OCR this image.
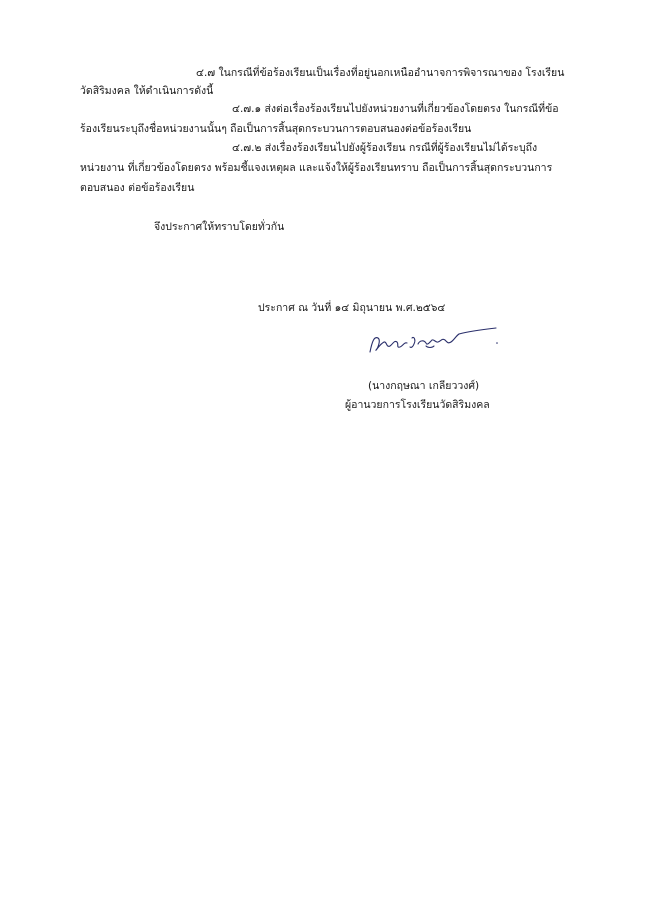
๔.๗ ในกรณีที่ข้อร้องเรียนเป็นเรื่องที่อยู่นอกเหนืออำนาจการพิจารณาของ โรงเรียน
วัดสิริมงคล ให้ดำเนินการดังนี้
๔.๗.๑ ส่งต่อเรื่องร้องเรียนไปยังหน่วยงานที่เกี่ยวข้องโดยตรง ในกรณีที่ข้อ
ร้องเรียนระบุถึงชื่อหน่วยงานนั้นๆ ถือเป็นการสิ้นสุดกระบวนการตอบสนองต่อข้อร้องเรียน
๔.๗.๒ ส่งเรื่องร้องเรียนไปยังผู้ร้องเรียน กรณีที่ผู้ร้องเรียนไม่ได้ระบุถึง
หน่วยงาน ที่เกี่ยวข้องโดยตรง พร้อมชี้แจงเหตุผล และแจ้งให้ผู้ร้องเรียนทราบ ถือเป็นการสิ้นสุดกระบวนการ
ตอบสนอง ต่อข้อร้องเรียน
จึงประกาศให้ทราบโดยทั่วกัน
ประกาศ ณ วันที่ ๑๔ มิถุนายน พ.ศ.๒๕๖๔
(นางกฤษณา เกลียววงศ์)
ผู้อานวยการโรงเรียนวัดสิริมงคล
